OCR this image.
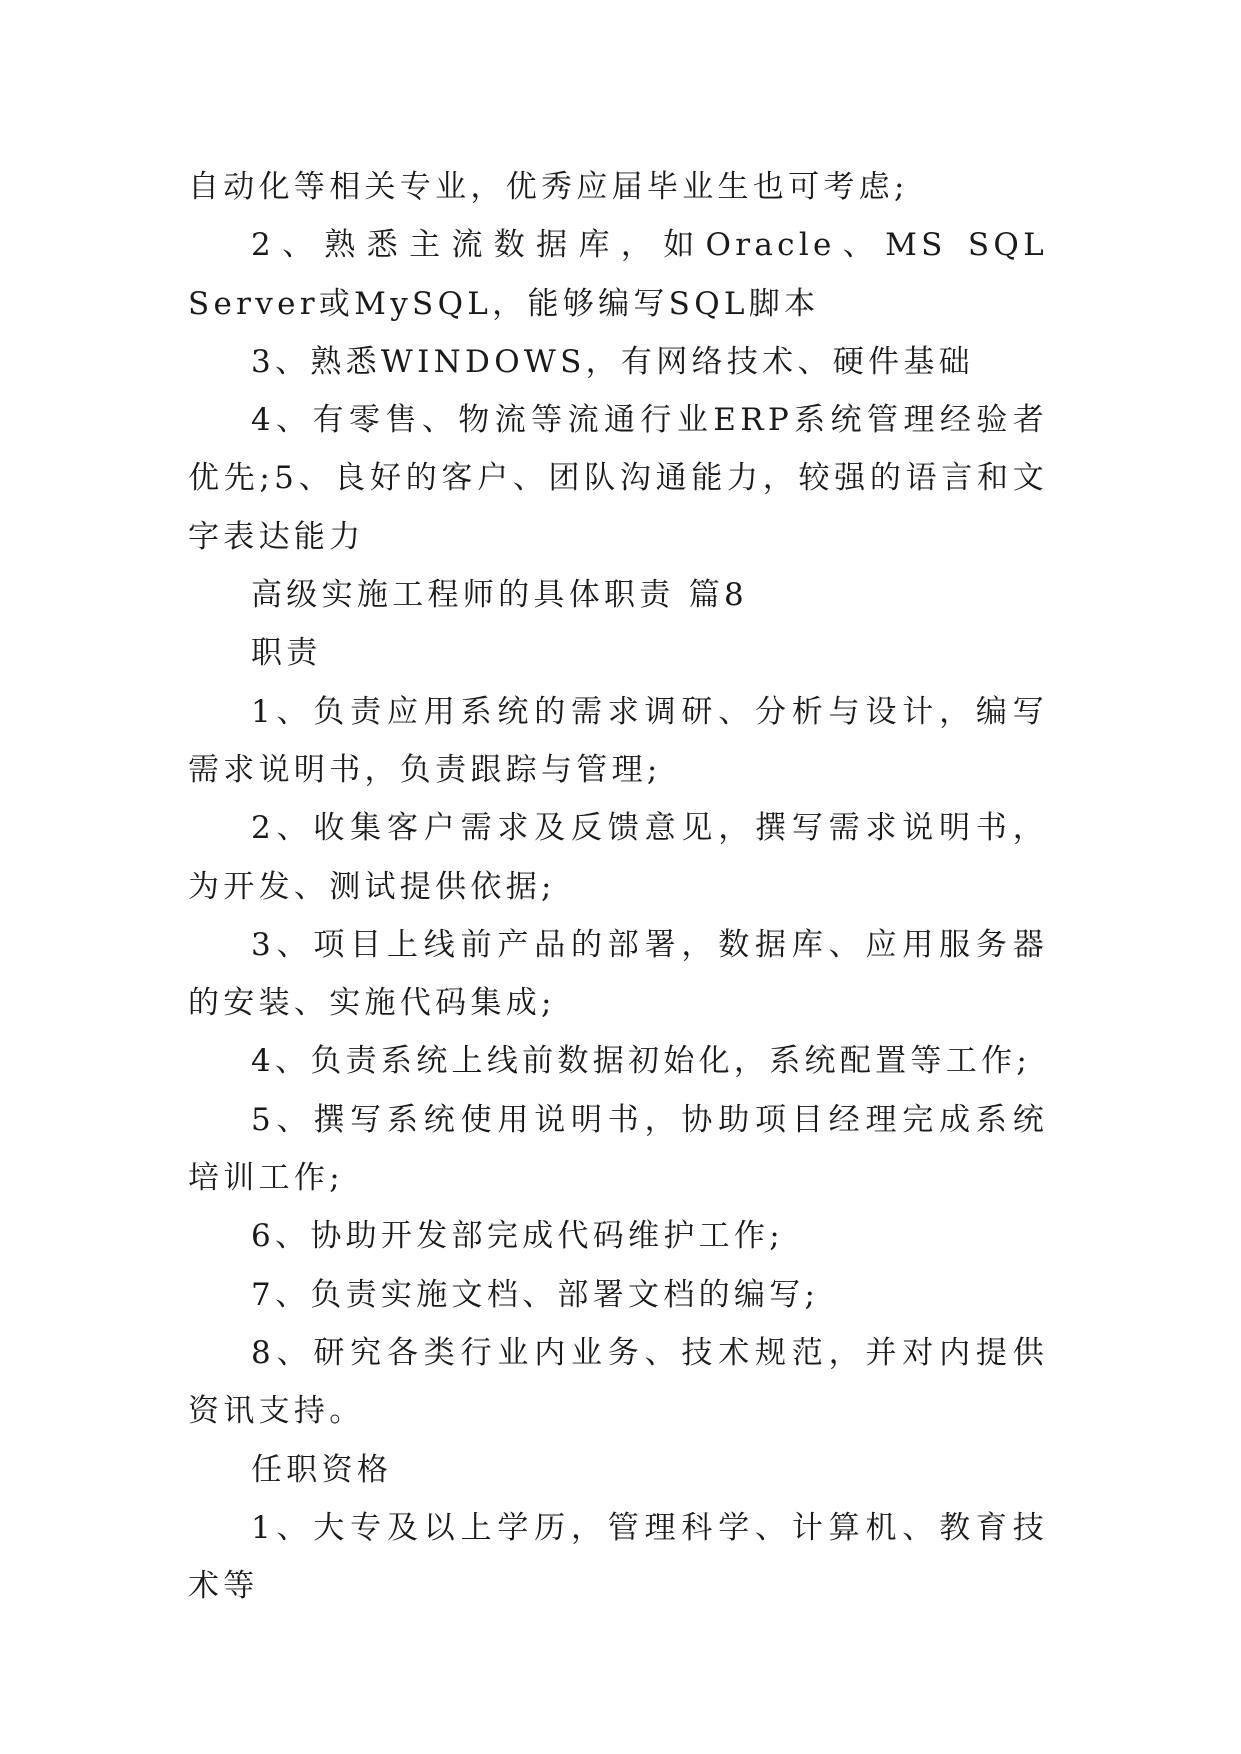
自动化等相关专业，优秀应届毕业生也可考虑;

2、熟悉主流数据库，如Oracle、MS SQL Server或MySQL，能够编写SQL脚本

3、熟悉WINDOWS，有网络技术、硬件基础

4、有零售、物流等流通行业ERP系统管理经验者优先;5、良好的客户、团队沟通能力，较强的语言和文字表达能力

高级实施工程师的具体职责 篇8

职责

1、负责应用系统的需求调研、分析与设计，编写需求说明书，负责跟踪与管理;

2、收集客户需求及反馈意见，撰写需求说明书，为开发、测试提供依据;

3、项目上线前产品的部署，数据库、应用服务器的安装、实施代码集成;

4、负责系统上线前数据初始化，系统配置等工作;

5、撰写系统使用说明书，协助项目经理完成系统培训工作;

6、协助开发部完成代码维护工作;

7、负责实施文档、部署文档的编写;

8、研究各类行业内业务、技术规范，并对内提供资讯支持。

任职资格

1、大专及以上学历，管理科学、计算机、教育技术等
